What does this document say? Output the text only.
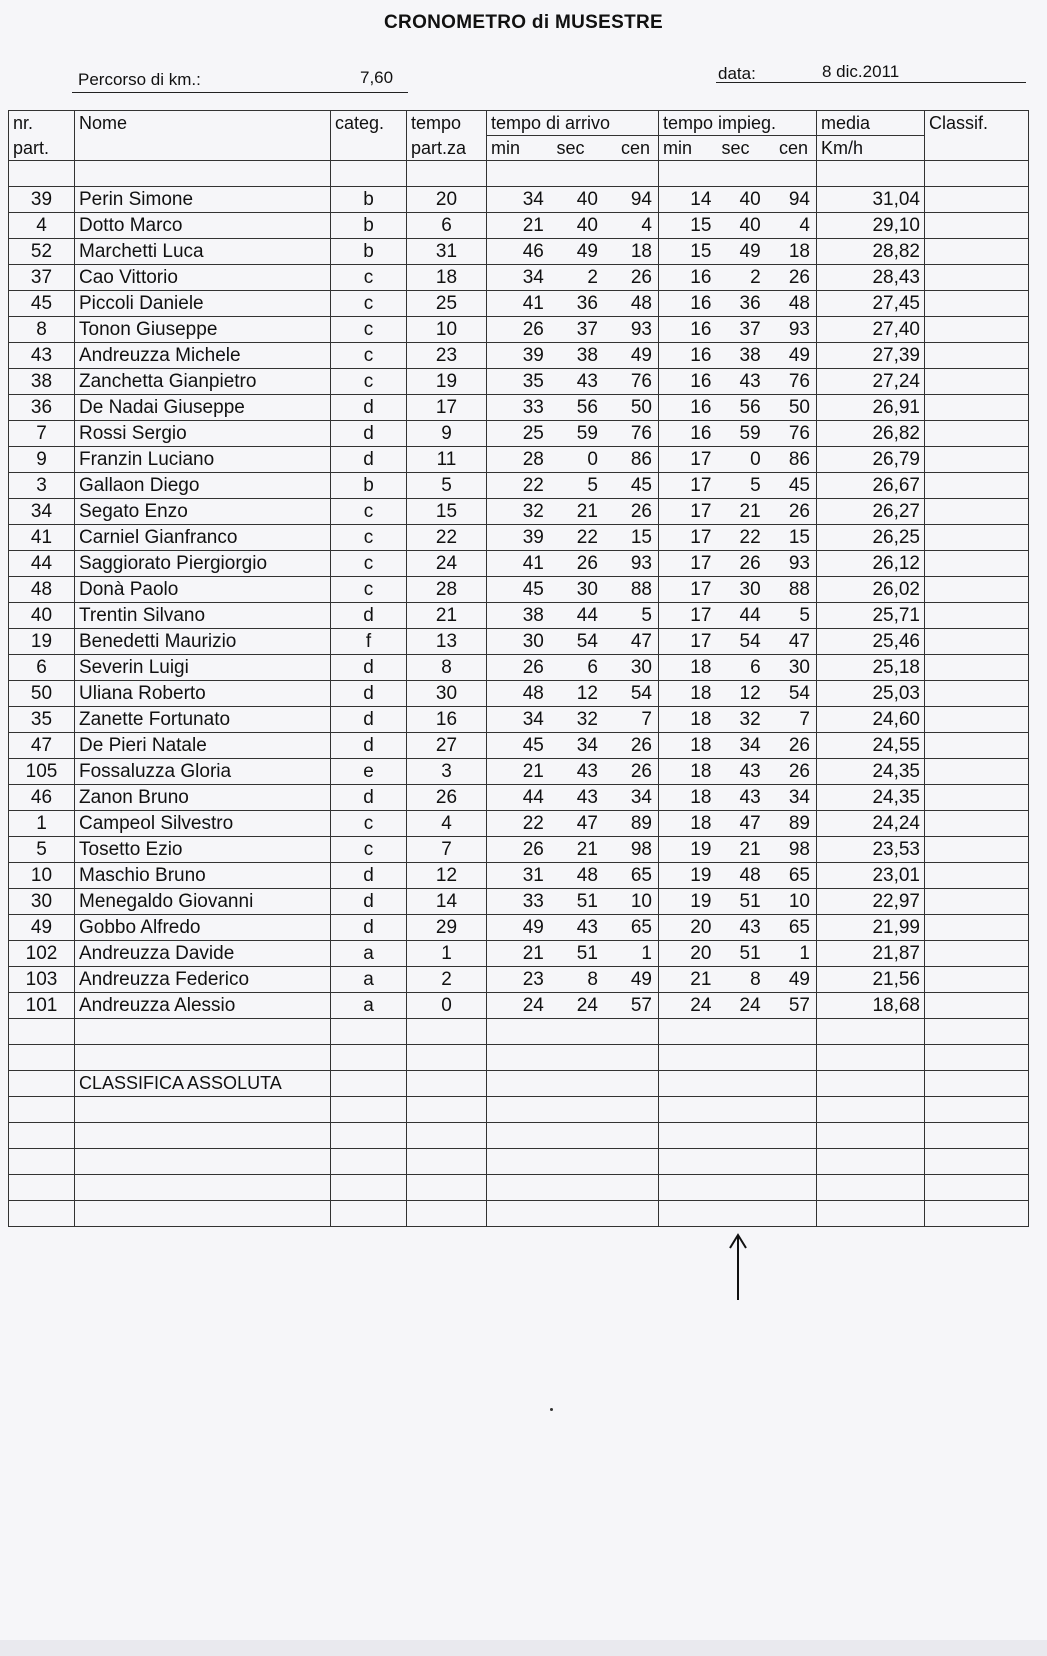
CRONOMETRO di MUSESTRE
Percorso di km.:	7,60	data:	8 dic.2011
nr.	Nome	categ.	tempo	tempo di arrivo	tempo impieg.	media	Classif.
part.			part.za	min sec cen	min sec cen	Km/h	

39	Perin Simone	b	20	34 40 94	14 40 94	31,04	
4	Dotto Marco	b	6	21 40 4	15 40 4	29,10	
52	Marchetti Luca	b	31	46 49 18	15 49 18	28,82	
37	Cao Vittorio	c	18	34 2 26	16 2 26	28,43	
45	Piccoli Daniele	c	25	41 36 48	16 36 48	27,45	
8	Tonon Giuseppe	c	10	26 37 93	16 37 93	27,40	
43	Andreuzza Michele	c	23	39 38 49	16 38 49	27,39	
38	Zanchetta Gianpietro	c	19	35 43 76	16 43 76	27,24	
36	De Nadai Giuseppe	d	17	33 56 50	16 56 50	26,91	
7	Rossi Sergio	d	9	25 59 76	16 59 76	26,82	
9	Franzin Luciano	d	11	28 0 86	17 0 86	26,79	
3	Gallaon Diego	b	5	22 5 45	17 5 45	26,67	
34	Segato Enzo	c	15	32 21 26	17 21 26	26,27	
41	Carniel Gianfranco	c	22	39 22 15	17 22 15	26,25	
44	Saggiorato Piergiorgio	c	24	41 26 93	17 26 93	26,12	
48	Donà Paolo	c	28	45 30 88	17 30 88	26,02	
40	Trentin Silvano	d	21	38 44 5	17 44 5	25,71	
19	Benedetti Maurizio	f	13	30 54 47	17 54 47	25,46	
6	Severin Luigi	d	8	26 6 30	18 6 30	25,18	
50	Uliana Roberto	d	30	48 12 54	18 12 54	25,03	
35	Zanette Fortunato	d	16	34 32 7	18 32 7	24,60	
47	De Pieri Natale	d	27	45 34 26	18 34 26	24,55	
105	Fossaluzza Gloria	e	3	21 43 26	18 43 26	24,35	
46	Zanon Bruno	d	26	44 43 34	18 43 34	24,35	
1	Campeol Silvestro	c	4	22 47 89	18 47 89	24,24	
5	Tosetto Ezio	c	7	26 21 98	19 21 98	23,53	
10	Maschio Bruno	d	12	31 48 65	19 48 65	23,01	
30	Menegaldo Giovanni	d	14	33 51 10	19 51 10	22,97	
49	Gobbo Alfredo	d	29	49 43 65	20 43 65	21,99	
102	Andreuzza Davide	a	1	21 51 1	20 51 1	21,87	
103	Andreuzza Federico	a	2	23 8 49	21 8 49	21,56	
101	Andreuzza Alessio	a	0	24 24 57	24 24 57	18,68	

	CLASSIFICA ASSOLUTA						
